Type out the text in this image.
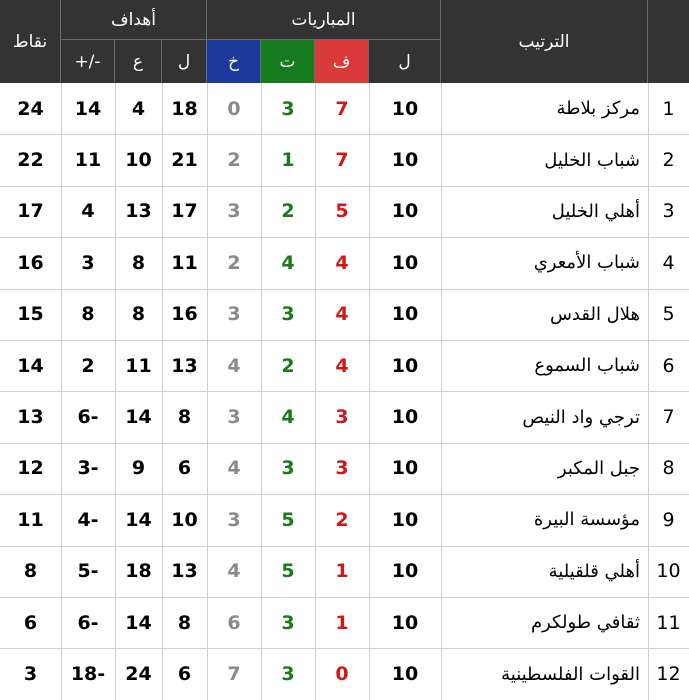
نقاط
أهداف	المباريات
الترتيب
+/-	ع	ل	خ	ت	ف	ل
24	14	4	18	0	3	7	10	مركز بلاطة	1
22	11	10	21	2	1	7	10	شباب الخليل	2
17	4	13	17	3	2	5	10	أهلي الخليل	3
16	3	8	11	2	4	4	10	شباب الأمعري	4
15	8	8	16	3	3	4	10	هلال القدس	5
14	2	11	13	4	2	4	10	شباب السموع	6
13	6-	14	8	3	4	3	10	ترجي واد النيص	7
12	3-	9	6	4	3	3	10	جبل المكبر	8
11	4-	14	10	3	5	2	10	مؤسسة البيرة	9
8	5-	18	13	4	5	1	10	أهلي قلقيلية 10
6	6-	14	8	6	3	1	10	ثقافي طولكرم 11
3	18-	24	6	7	3	0	10	القوات الفلسطينية 12
